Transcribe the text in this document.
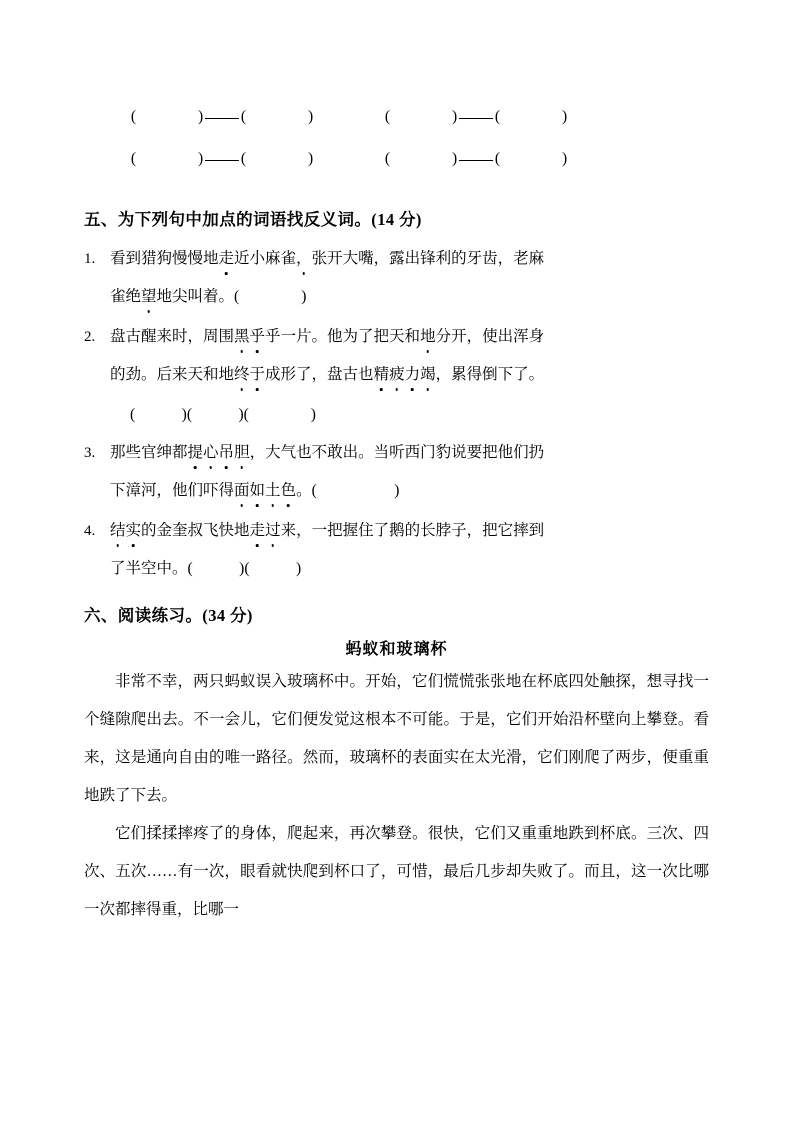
(	) (	)	(	) (	)
(	) (	)	(	) (	)
五、为下列句中加点的词语找反义词。(14 分)
1. 看到猎狗慢慢地走近小麻雀，张开大嘴，露出锋利的牙齿，老麻

雀绝望地尖叫着。(　　　　)

2. 盘古醒来时，周围黑乎乎一片。他为了把天和地分开，使出浑身

的劲。后来天和地终于成形了，盘古也精疲力竭，累得倒下了。

(　　　)(　　　)(　　　　)
3. 那些官绅都提心吊胆，大气也不敢出。当听西门豹说要把他们扔

下漳河，他们吓得面如土色。(　　　　　)

4. 结实的金奎叔飞快地走过来，一把握住了鹅的长脖子，把它摔到

了半空中。(　　　)(　　　)

六、阅读练习。(34 分)
蚂蚁和玻璃杯

非常不幸，两只蚂蚁误入玻璃杯中。开始，它们慌慌张张地在杯底四处触探，想寻找一个缝隙爬出去。不一会儿，它们便发觉这根本不可能。于是，它们开始沿杯壁向上攀登。看来，这是通向自由的唯一路径。然而，玻璃杯的表面实在太光滑，它们刚爬了两步，便重重地跌了下去。

它们揉揉摔疼了的身体，爬起来，再次攀登。很快，它们又重重地跌到杯底。三次、四次、五次……有一次，眼看就快爬到杯口了，可惜，最后几步却失败了。而且，这一次比哪一次都摔得重，比哪一
